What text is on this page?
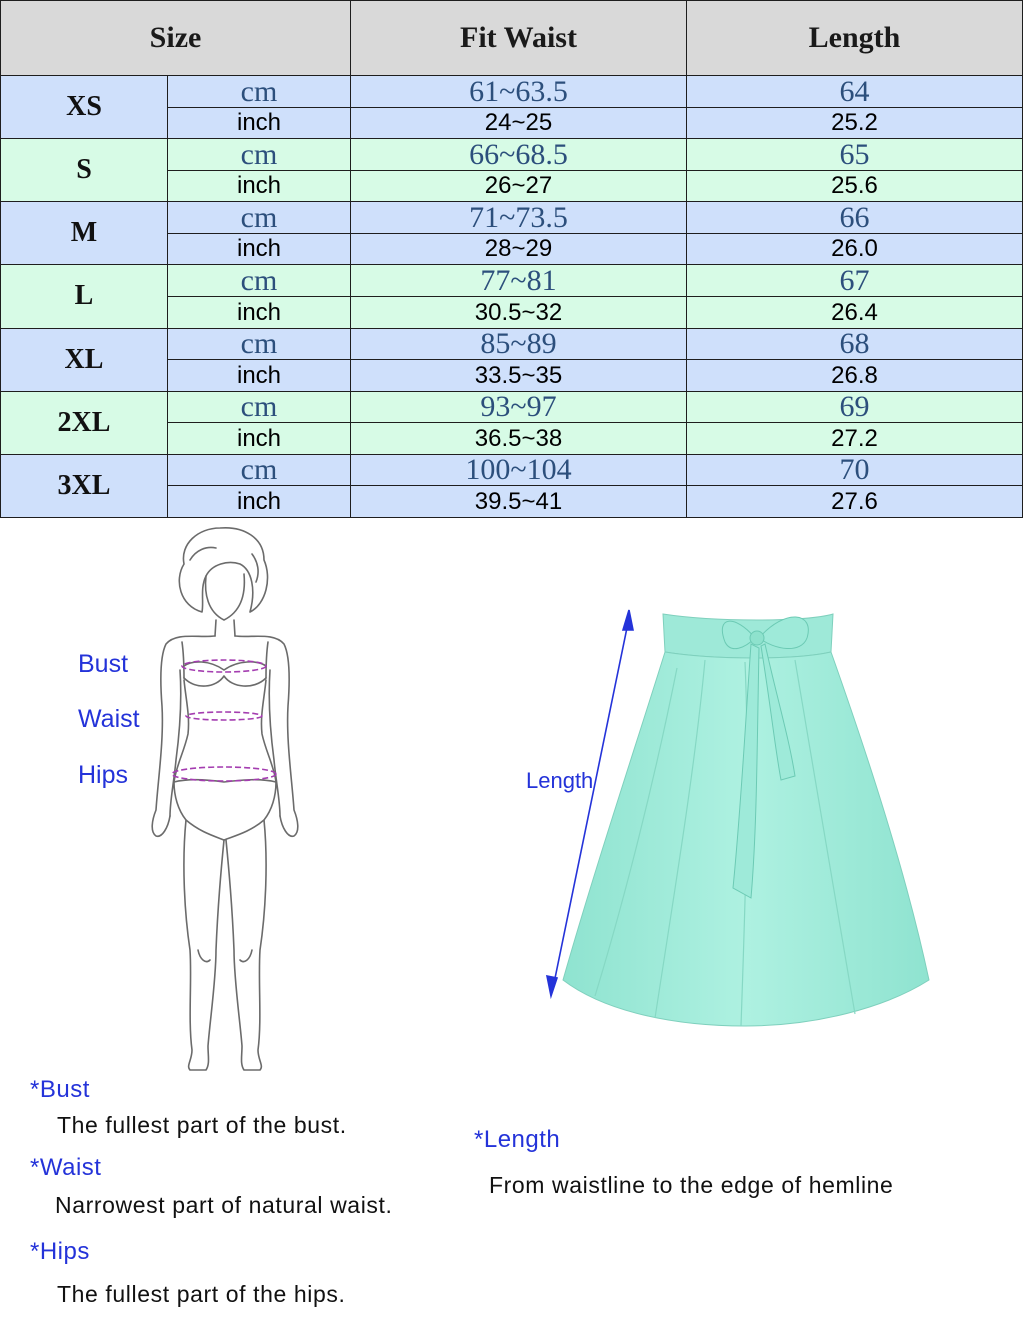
Size		Fit Waist	Length
XS	cm	61~63.5	64
	inch	24~25	25.2
S	cm	66~68.5	65
	inch	26~27	25.6
M	cm	71~73.5	66
	inch	28~29	26.0
L	cm	77~81	67
	inch	30.5~32	26.4
XL	cm	85~89	68
	inch	33.5~35	26.8
2XL	cm	93~97	69
	inch	36.5~38	27.2
3XL	cm	100~104	70
	inch	39.5~41	27.6
Bust
Waist
Hips	Length
*Bust
The fullest part of the bust.
*Waist
Narrowest part of natural waist.
*Hips
The fullest part of the hips.
*Length
From waistline to the edge of hemline
